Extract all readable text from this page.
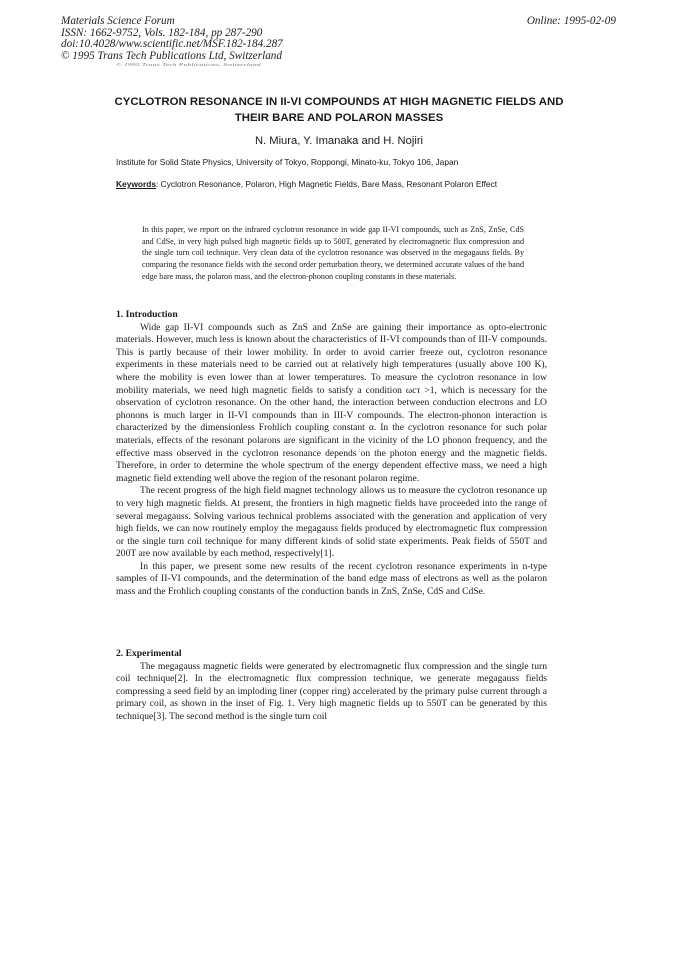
Materials Science Forum
ISSN: 1662-9752, Vols. 182-184, pp 287-290
doi:10.4028/www.scientific.net/MSF.182-184.287
© 1995 Trans Tech Publications Ltd, Switzerland
Online: 1995-02-09
© 1995 Trans Tech Publications, Switzerland
CYCLOTRON RESONANCE IN II-VI COMPOUNDS AT HIGH MAGNETIC FIELDS AND THEIR BARE AND POLARON MASSES
N. Miura, Y. Imanaka and H. Nojiri
Institute for Solid State Physics, University of Tokyo, Roppongi, Minato-ku, Tokyo 106, Japan
Keywords: Cyclotron Resonance, Polaron, High Magnetic Fields, Bare Mass, Resonant Polaron Effect
In this paper, we report on the infrared cyclotron resonance in wide gap II-VI compounds, such as ZnS, ZnSe, CdS and CdSe, in very high pulsed high magnetic fields up to 500T, generated by electromagnetic flux compression and the single turn coil technique. Very clean data of the cyclotron resonance was observed in the megagauss fields. By comparing the resonance fields with the second order perturbation theory, we determined accurate values of the band edge bare mass, the polaron mass, and the electron-phonon coupling constants in these materials.
1. Introduction

Wide gap II-VI compounds such as ZnS and ZnSe are gaining their importance as opto-electronic materials. However, much less is known about the characteristics of II-VI compounds than of III-V compounds. This is partly because of their lower mobility. In order to avoid carrier freeze out, cyclotron resonance experiments in these materials need to be carried out at relatively high temperatures (usually above 100 K), where the mobility is even lower than at lower temperatures. To measure the cyclotron resonance in low mobility materials, we need high magnetic fields to satisfy a condition ωcτ >1, which is necessary for the observation of cyclotron resonance. On the other hand, the interaction between conduction electrons and LO phonons is much larger in II-VI compounds than in III-V compounds. The electron-phonon interaction is characterized by the dimensionless Frohlich coupling constant α. In the cyclotron resonance for such polar materials, effects of the resonant polarons are significant in the vicinity of the LO phonon frequency, and the effective mass observed in the cyclotron resonance depends on the photon energy and the magnetic fields. Therefore, in order to determine the whole spectrum of the energy dependent effective mass, we need a high magnetic field extending well above the region of the resonant polaron regime.

The recent progress of the high field magnet technology allows us to measure the cyclotron resonance up to very high magnetic fields. At present, the frontiers in high magnetic fields have proceeded into the range of several megagauss. Solving various technical problems associated with the generation and application of very high fields, we can now routinely employ the megagauss fields produced by electromagnetic flux compression or the single turn coil technique for many different kinds of solid state experiments. Peak fields of 550T and 200T are now available by each method, respectively[1].

In this paper, we present some new results of the recent cyclotron resonance experiments in n-type samples of II-VI compounds, and the determination of the band edge mass of electrons as well as the polaron mass and the Frohlich coupling constants of the conduction bands in ZnS, ZnSe, CdS and CdSe.

2. Experimental

The megagauss magnetic fields were generated by electromagnetic flux compression and the single turn coil technique[2]. In the electromagnetic flux compression technique, we generate megagauss fields compressing a seed field by an imploding liner (copper ring) accelerated by the primary pulse current through a primary coil, as shown in the inset of Fig. 1. Very high magnetic fields up to 550T can be generated by this technique[3]. The second method is the single turn coil
